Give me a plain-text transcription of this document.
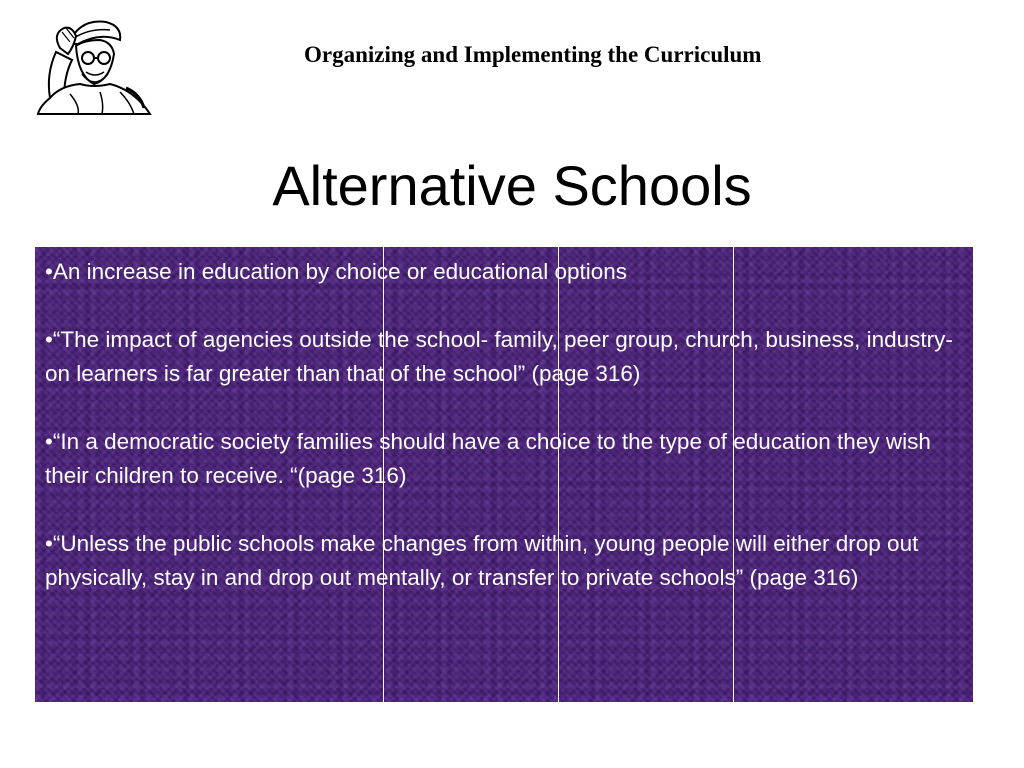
Organizing and Implementing the Curriculum
Alternative Schools
•An increase in education by choice or educational options
•“The impact of agencies outside the school- family, peer group, church, business, industry- on learners is far greater than that of the school” (page 316)
•“In a democratic society families should have a choice to the type of education they wish their children to receive. “(page 316)
•“Unless the public schools make changes from within, young people will either drop out physically, stay in and drop out mentally, or transfer to private schools” (page 316)
